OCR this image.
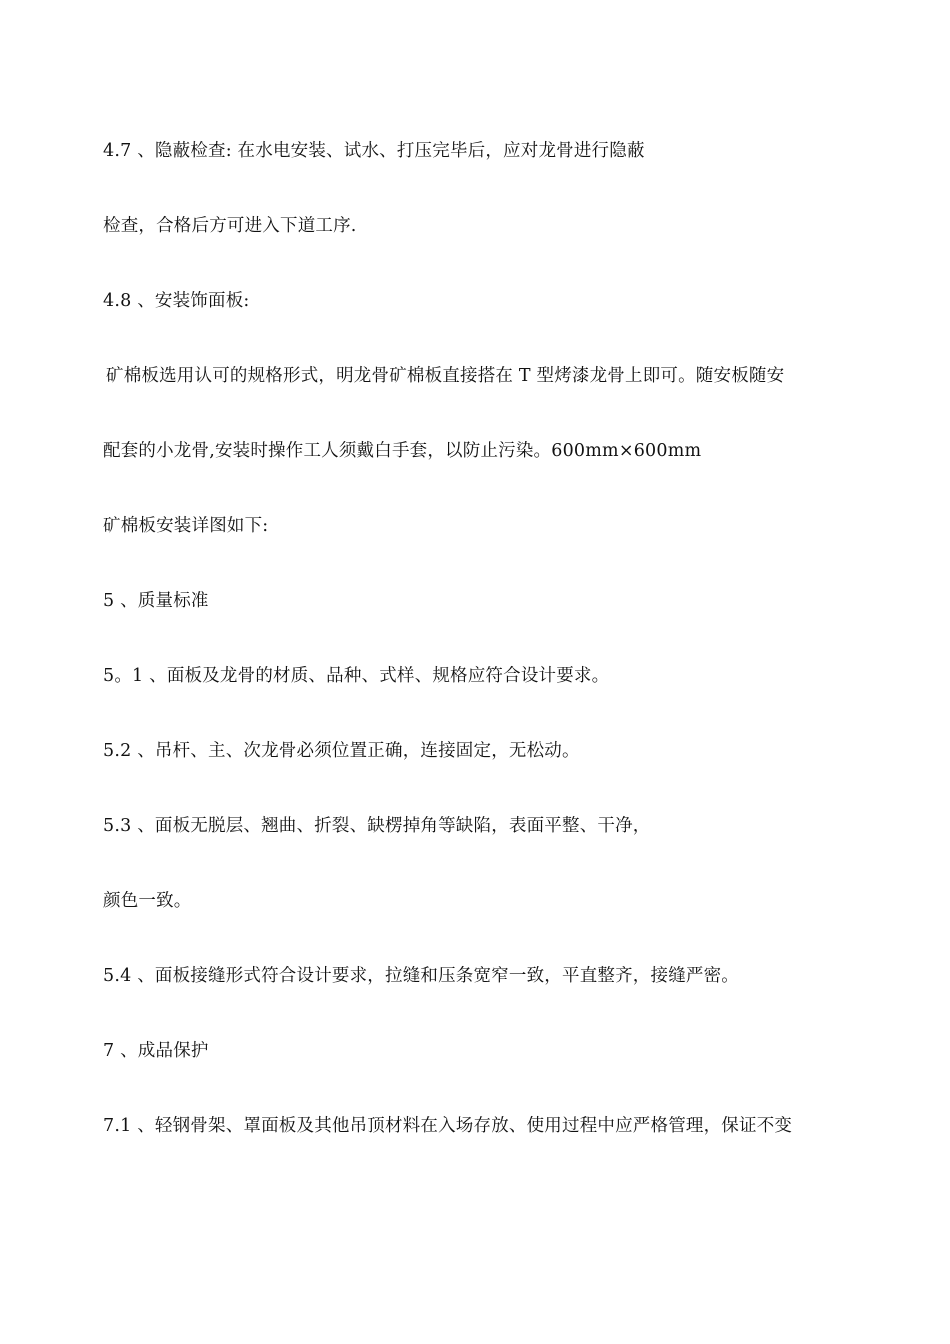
4.7 、隐蔽检查: 在水电安装、试水、打压完毕后，应对龙骨进行隐蔽
检查，合格后方可进入下道工序.
4.8 、安装饰面板:
矿棉板选用认可的规格形式，明龙骨矿棉板直接搭在 T 型烤漆龙骨上即可。随安板随安
配套的小龙骨,安装时操作工人须戴白手套，以防止污染。600mm×600mm
矿棉板安装详图如下:
5 、质量标准
5。1 、面板及龙骨的材质、品种、式样、规格应符合设计要求。
5.2 、吊杆、主、次龙骨必须位置正确，连接固定，无松动。
5.3 、面板无脱层、翘曲、折裂、缺楞掉角等缺陷，表面平整、干净，
颜色一致。
5.4 、面板接缝形式符合设计要求，拉缝和压条宽窄一致，平直整齐，接缝严密。
7 、成品保护
7.1 、轻钢骨架、罩面板及其他吊顶材料在入场存放、使用过程中应严格管理，保证不变
